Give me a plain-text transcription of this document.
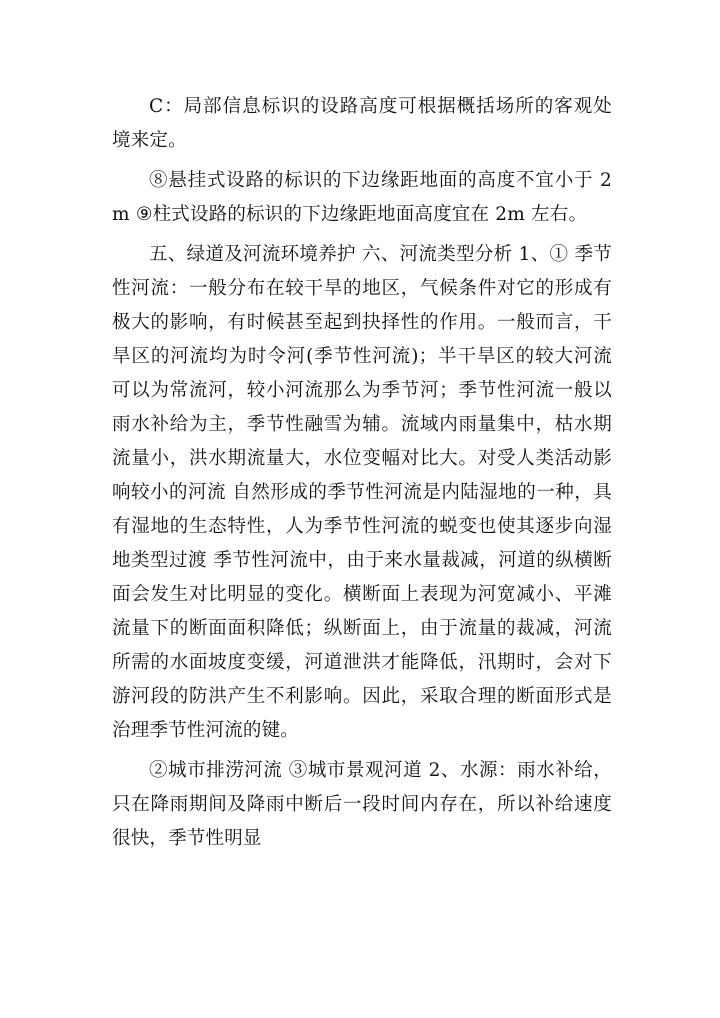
C：局部信息标识的设路高度可根据概括场所的客观处境来定。

⑧悬挂式设路的标识的下边缘距地面的高度不宜小于 2m ⑨柱式设路的标识的下边缘距地面高度宜在 2m 左右。

五、绿道及河流环境养护 六、河流类型分析 1、① 季节性河流：一般分布在较干旱的地区，气候条件对它的形成有极大的影响，有时候甚至起到抉择性的作用。一般而言，干旱区的河流均为时令河(季节性河流)；半干旱区的较大河流可以为常流河，较小河流那么为季节河；季节性河流一般以雨水补给为主，季节性融雪为辅。流域内雨量集中，枯水期流量小，洪水期流量大，水位变幅对比大。对受人类活动影响较小的河流 自然形成的季节性河流是内陆湿地的一种，具有湿地的生态特性，人为季节性河流的蜕变也使其逐步向湿地类型过渡 季节性河流中，由于来水量裁减，河道的纵横断面会发生对比明显的变化。横断面上表现为河宽减小、平滩流量下的断面面积降低；纵断面上，由于流量的裁减，河流所需的水面坡度变缓，河道泄洪才能降低，汛期时，会对下游河段的防洪产生不利影响。因此，采取合理的断面形式是治理季节性河流的键。

②城市排涝河流 ③城市景观河道 2、水源：雨水补给，只在降雨期间及降雨中断后一段时间内存在，所以补给速度很快，季节性明显
